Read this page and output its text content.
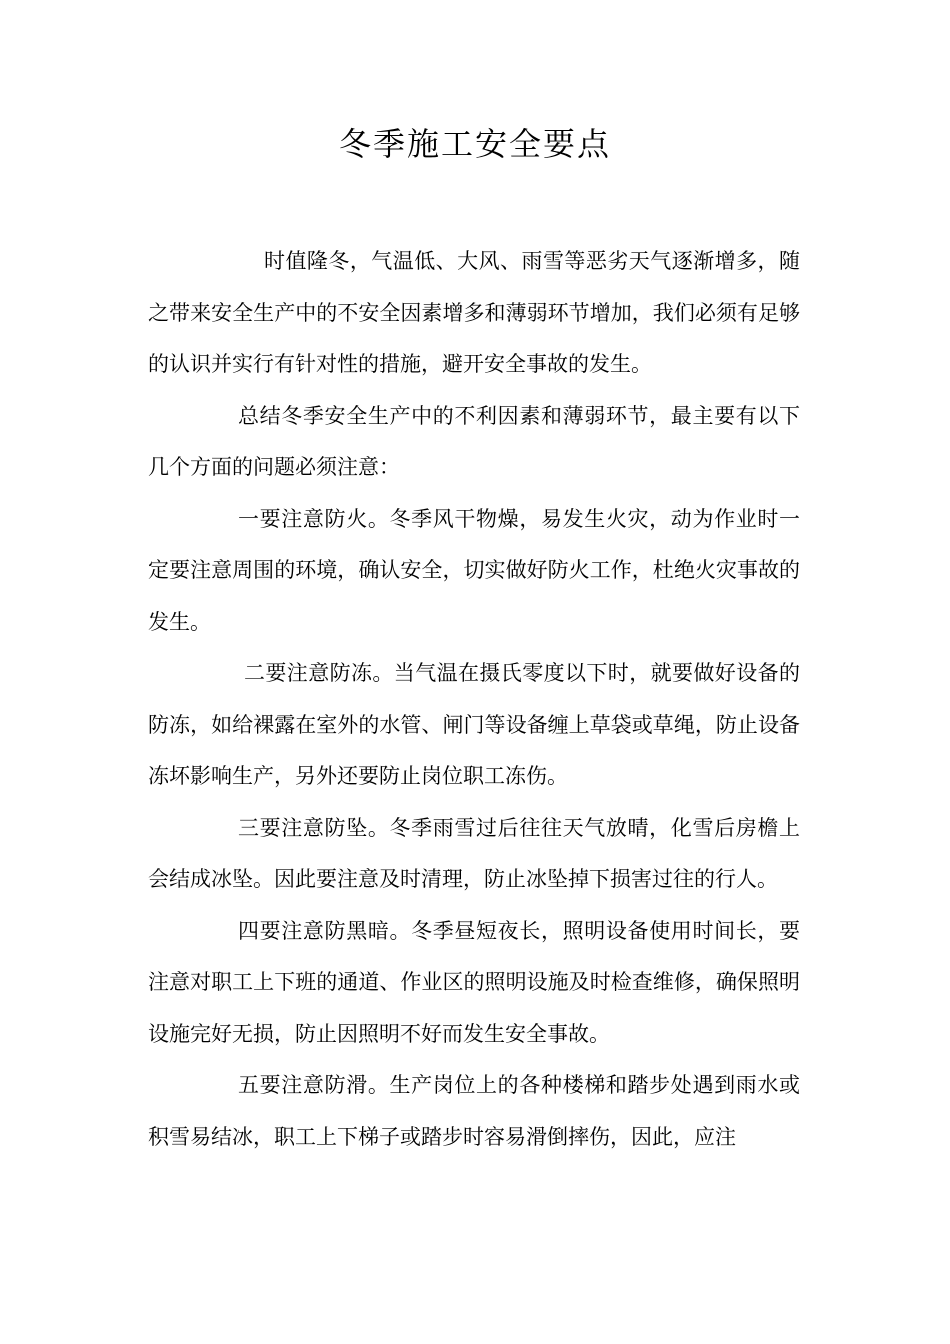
冬季施工安全要点

时值隆冬，气温低、大风、雨雪等恶劣天气逐渐增多，随之带来安全生产中的不安全因素增多和薄弱环节增加，我们必须有足够的认识并实行有针对性的措施，避开安全事故的发生。

总结冬季安全生产中的不利因素和薄弱环节，最主要有以下几个方面的问题必须注意：

一要注意防火。冬季风干物燥，易发生火灾，动为作业时一定要注意周围的环境，确认安全，切实做好防火工作，杜绝火灾事故的发生。

二要注意防冻。当气温在摄氏零度以下时，就要做好设备的防冻，如给裸露在室外的水管、闸门等设备缠上草袋或草绳，防止设备冻坏影响生产，另外还要防止岗位职工冻伤。

三要注意防坠。冬季雨雪过后往往天气放晴，化雪后房檐上会结成冰坠。因此要注意及时清理，防止冰坠掉下损害过往的行人。

四要注意防黑暗。冬季昼短夜长，照明设备使用时间长，要注意对职工上下班的通道、作业区的照明设施及时检查维修，确保照明设施完好无损，防止因照明不好而发生安全事故。

五要注意防滑。生产岗位上的各种楼梯和踏步处遇到雨水或积雪易结冰，职工上下梯子或踏步时容易滑倒摔伤，因此，应注
